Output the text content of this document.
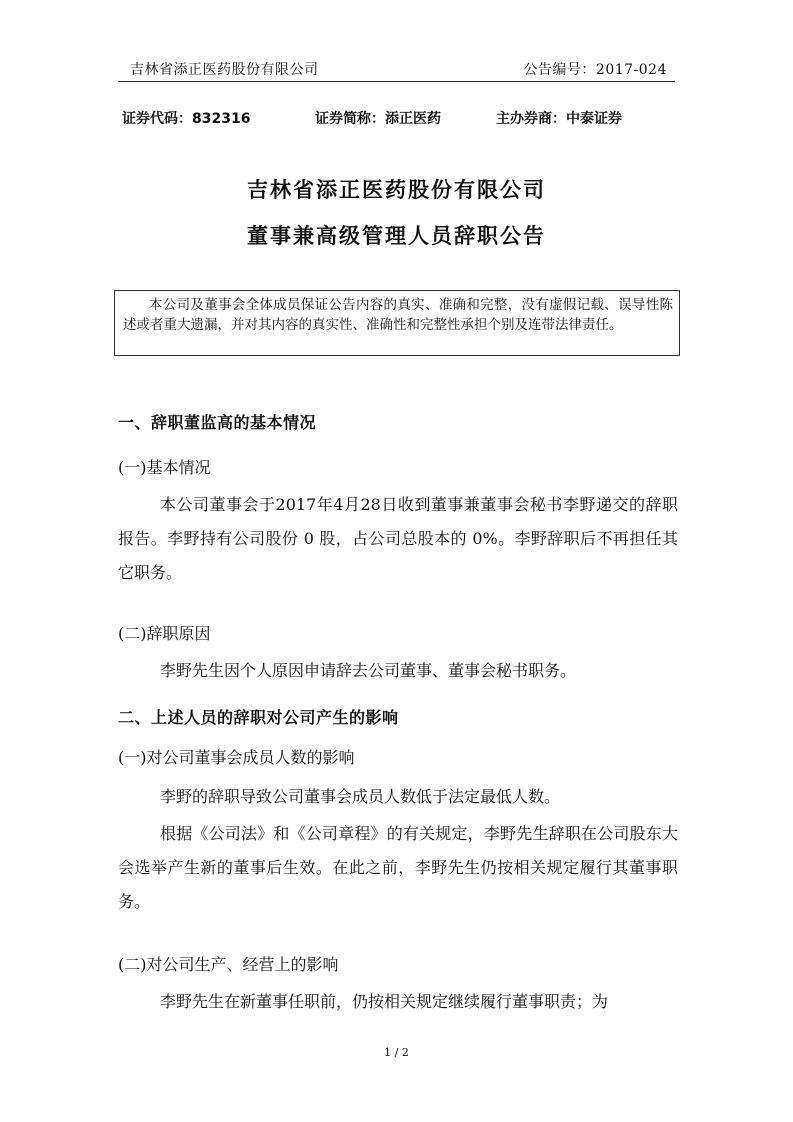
吉林省添正医药股份有限公司	公告编号：2017-024
证券代码：832316	证券简称：添正医药	主办券商：中泰证券
吉林省添正医药股份有限公司
董事兼高级管理人员辞职公告
本公司及董事会全体成员保证公告内容的真实、准确和完整，没有虚假记载、误导性陈述或者重大遗漏，并对其内容的真实性、准确性和完整性承担个别及连带法律责任。
一、辞职董监高的基本情况
(一)基本情况
本公司董事会于2017年4月28日收到董事兼董事会秘书李野递交的辞职报告。李野持有公司股份 0 股，占公司总股本的 0%。李野辞职后不再担任其它职务。
(二)辞职原因
李野先生因个人原因申请辞去公司董事、董事会秘书职务。
二、上述人员的辞职对公司产生的影响
(一)对公司董事会成员人数的影响
李野的辞职导致公司董事会成员人数低于法定最低人数。
根据《公司法》和《公司章程》的有关规定，李野先生辞职在公司股东大会选举产生新的董事后生效。在此之前，李野先生仍按相关规定履行其董事职务。
(二)对公司生产、经营上的影响
李野先生在新董事任职前，仍按相关规定继续履行董事职责；为
1 / 2
